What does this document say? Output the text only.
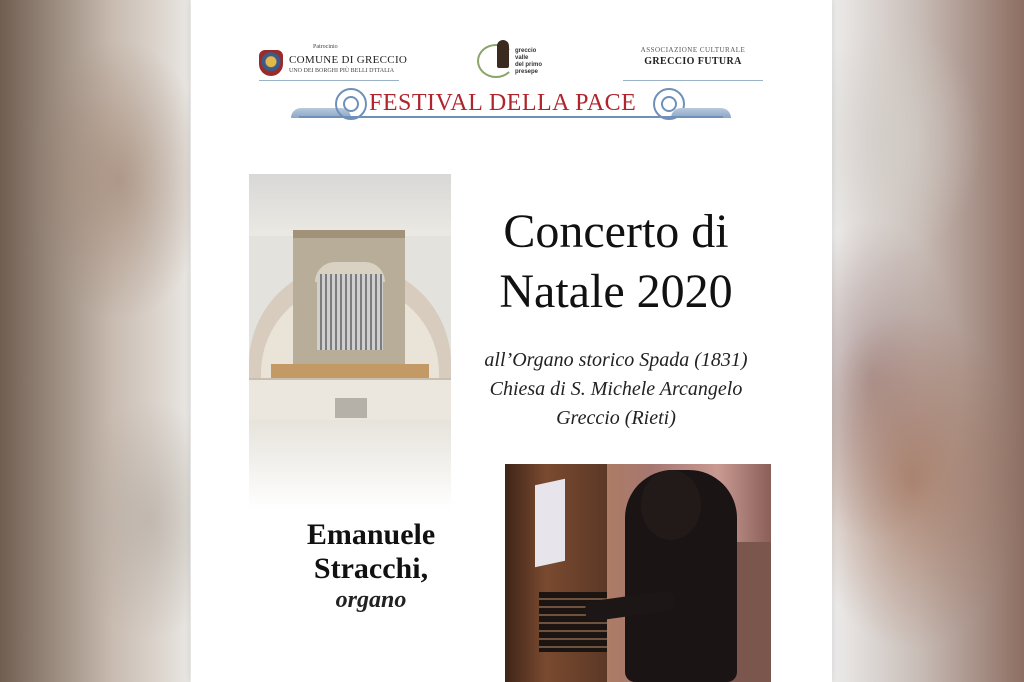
Patrocinio
COMUNE DI GRECCIO
UNO DEI BORGHI PIÙ BELLI D'ITALIA
greccio
valle
del primo
presepe
ASSOCIAZIONE CULTURALE
GRECCIO FUTURA
FESTIVAL DELLA PACE
Concerto di
Natale 2020
all’Organo storico Spada (1831)
Chiesa di S. Michele Arcangelo
Greccio (Rieti)
Emanuele
Stracchi,
organo
